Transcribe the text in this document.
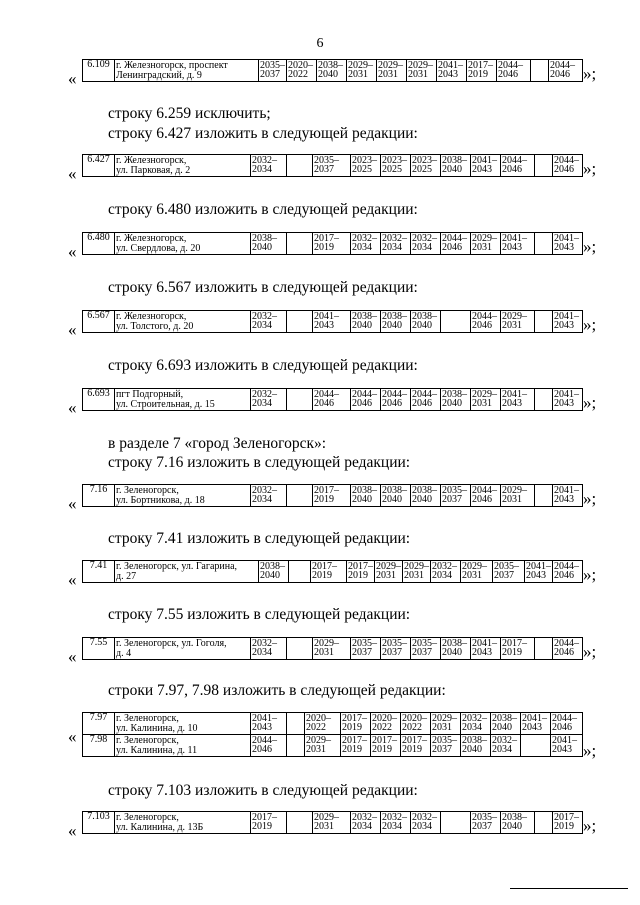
6
«
6.109	г. Железногорск, проспект
Ленинградский, д. 9	2035–2037	2020–2022	2038–2040	2029–2031	2029–2031	2029–2031	2041–2043	2017–2019	2044–2046		2044–2046 »;
строку 6.259 исключить;
строку 6.427 изложить в следующей редакции:
«
6.427	г. Железногорск,
ул. Парковая, д. 2	2032–2034		2035–2037	2023–2025	2023–2025	2023–2025	2038–2040	2041–2043	2044–2046		2044–2046 »;
строку 6.480 изложить в следующей редакции:
«
6.480	г. Железногорск,
ул. Свердлова, д. 20	2038–2040		2017–2019	2032–2034	2032–2034	2032–2034	2044–2046	2029–2031	2041–2043		2041–2043 »;
строку 6.567 изложить в следующей редакции:
«
6.567	г. Железногорск,
ул. Толстого, д. 20	2032–2034		2041–2043	2038–2040	2038–2040	2038–2040		2044–2046	2029–2031		2041–2043 »;
строку 6.693 изложить в следующей редакции:
«
6.693	пгт Подгорный,
ул. Строительная, д. 15	2032–2034		2044–2046	2044–2046	2044–2046	2044–2046	2038–2040	2029–2031	2041–2043		2041–2043 »;
в разделе 7 «город Зеленогорск»:
строку 7.16 изложить в следующей редакции:
«
7.16	г. Зеленогорск,
ул. Бортникова, д. 18	2032–2034		2017–2019	2038–2040	2038–2040	2038–2040	2035–2037	2044–2046	2029–2031		2041–2043 »;
строку 7.41 изложить в следующей редакции:
«
7.41	г. Зеленогорск, ул. Гагарина,
д. 27	2038–2040		2017–2019	2017–2019	2029–2031	2029–2031	2032–2034	2029–2031	2035–2037	2041–2043	2044–2046 »;
строку 7.55 изложить в следующей редакции:
«
7.55	г. Зеленогорск, ул. Гоголя,
д. 4	2032–2034		2029–2031	2035–2037	2035–2037	2035–2037	2038–2040	2041–2043	2017–2019		2044–2046 »;
строки 7.97, 7.98 изложить в следующей редакции:
«
7.97	г. Зеленогорск,
ул. Калинина, д. 10	2041–2043		2020–2022	2017–2019	2020–2022	2020–2022	2029–2031	2032–2034	2038–2040	2041–2043	2044–2046
7.98	г. Зеленогорск,
ул. Калинина, д. 11	2044–2046		2029–2031	2017–2019	2017–2019	2017–2019	2035–2037	2038–2040	2032–2034		2041–2043 »;
строку 7.103 изложить в следующей редакции:
«
7.103	г. Зеленогорск,
ул. Калинина, д. 13Б	2017–2019		2029–2031	2032–2034	2032–2034	2032–2034		2035–2037	2038–2040		2017–2019 »;
